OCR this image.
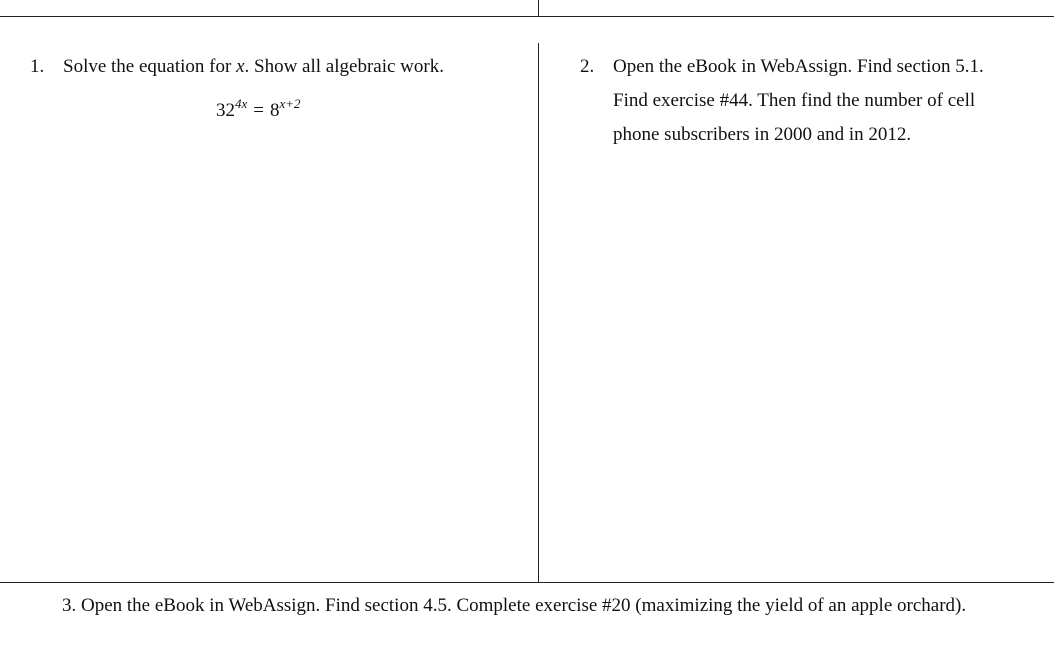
1. Solve the equation for x. Show all algebraic work.
$32^{4x} = 8^{x+2}$
2. Open the eBook in WebAssign. Find section 5.1.
Find exercise #44. Then find the number of cell
phone subscribers in 2000 and in 2012.
3. Open the eBook in WebAssign. Find section 4.5. Complete exercise #20 (maximizing the yield of an apple orchard).
